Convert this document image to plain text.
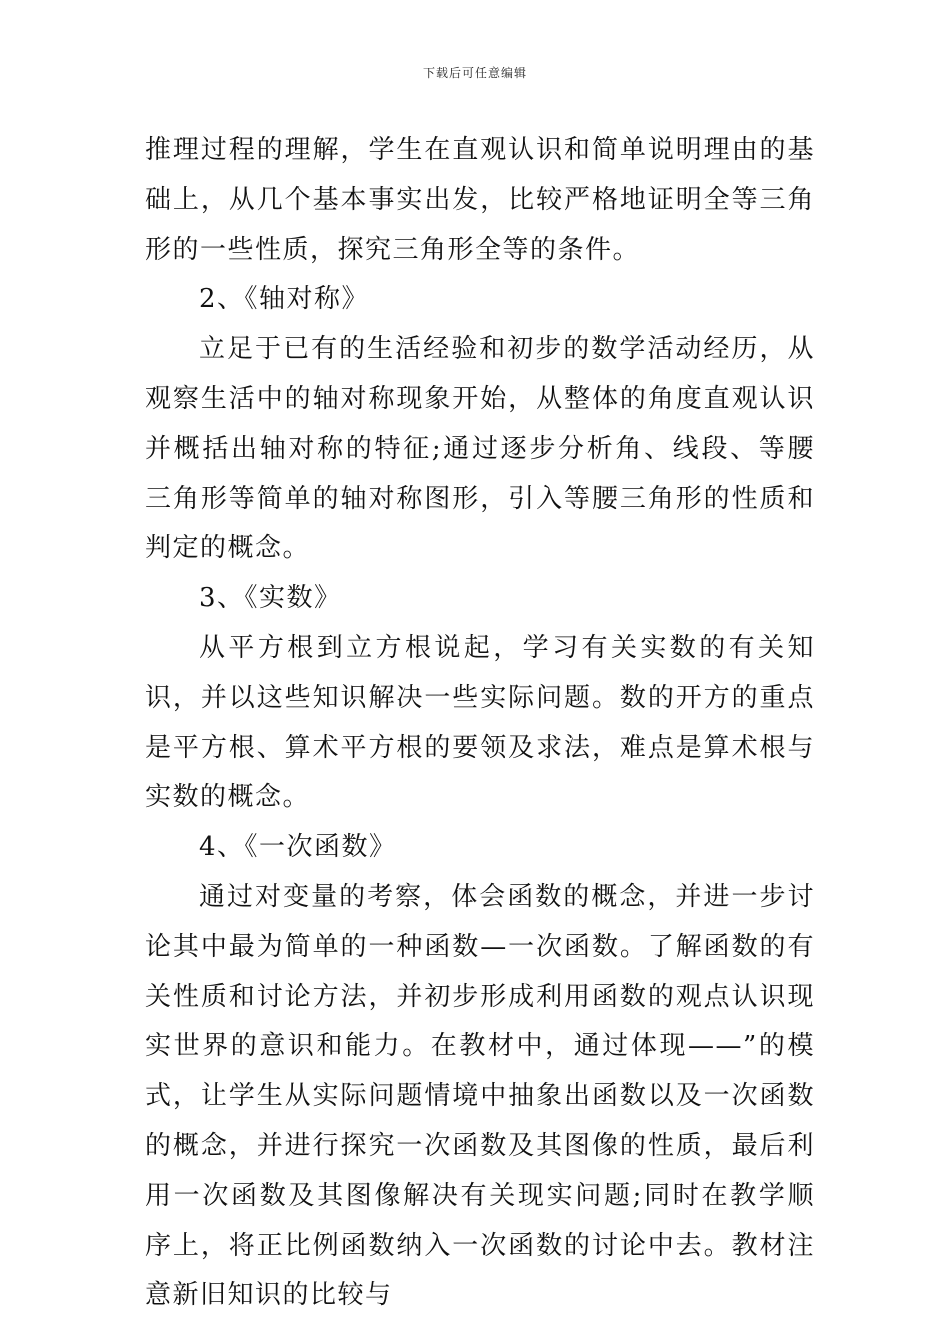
下载后可任意编辑

推理过程的理解，学生在直观认识和简单说明理由的基础上，从几个基本事实出发，比较严格地证明全等三角形的一些性质，探究三角形全等的条件。

2、《轴对称》

立足于已有的生活经验和初步的数学活动经历，从观察生活中的轴对称现象开始，从整体的角度直观认识并概括出轴对称的特征;通过逐步分析角、线段、等腰三角形等简单的轴对称图形，引入等腰三角形的性质和判定的概念。

3、《实数》

从平方根到立方根说起，学习有关实数的有关知识，并以这些知识解决一些实际问题。数的开方的重点是平方根、算术平方根的要领及求法，难点是算术根与实数的概念。

4、《一次函数》

通过对变量的考察，体会函数的概念，并进一步讨论其中最为简单的一种函数—一次函数。了解函数的有关性质和讨论方法，并初步形成利用函数的观点认识现实世界的意识和能力。在教材中，通过体现——”的模式，让学生从实际问题情境中抽象出函数以及一次函数的概念，并进行探究一次函数及其图像的性质，最后利用一次函数及其图像解决有关现实问题;同时在教学顺序上，将正比例函数纳入一次函数的讨论中去。教材注意新旧知识的比较与
